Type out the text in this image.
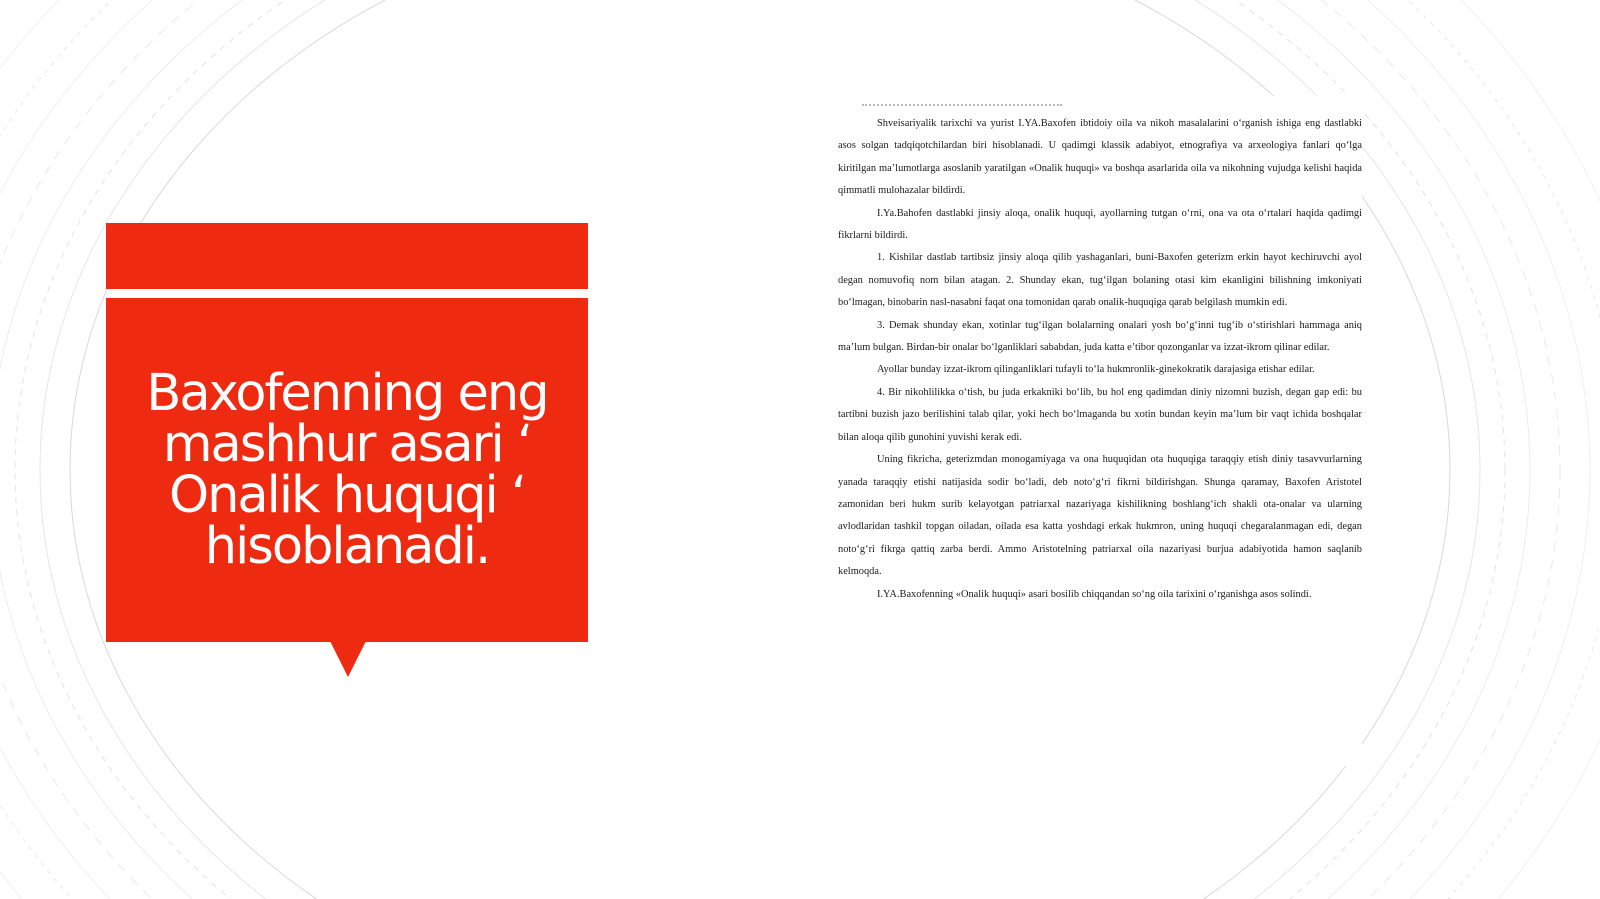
Baxofenning eng mashhur asari ‘ Onalik huquqi ‘ hisoblanadi.

Shveisariyalik tarixchi va yurist I.YA.Baxofen ibtidoiy oila va nikoh masalalarini o‘rganish ishiga eng dastlabki asos solgan tadqiqotchilardan biri hisoblanadi. U qadimgi klassik adabiyot, etnografiya va arxeologiya fanlari qo‘lga kiritilgan ma’lumotlarga asoslanib yaratilgan «Onalik huquqi» va boshqa asarlarida oila va nikohning vujudga kelishi haqida qimmatli mulohazalar bildirdi.

I.Ya.Bahofen dastlabki jinsiy aloqa, onalik huquqi, ayollarning tutgan o‘rni, ona va ota o‘rtalari haqida qadimgi fikrlarni bildirdi.

1. Kishilar dastlab tartibsiz jinsiy aloqa qilib yashaganlari, buni-Baxofen geterizm erkin hayot kechiruvchi ayol degan nomuvofiq nom bilan atagan. 2. Shunday ekan, tug‘ilgan bolaning otasi kim ekanligini bilishning imkoniyati bo‘lmagan, binobarin nasl-nasabni faqat ona tomonidan qarab onalik-huquqiga qarab belgilash mumkin edi.

3. Demak shunday ekan, xotinlar tug‘ilgan bolalarning onalari yosh bo‘g‘inni tug‘ib o‘stirishlari hammaga aniq ma’lum bulgan. Birdan-bir onalar bo‘lganliklari sababdan, juda katta e’tibor qozonganlar va izzat-ikrom qilinar edilar.

Ayollar bunday izzat-ikrom qilinganliklari tufayli to‘la hukmronlik-ginekokratik darajasiga etishar edilar.

4. Bir nikohlilikka o‘tish, bu juda erkakniki bo‘lib, bu hol eng qadimdan diniy nizomni buzish, degan gap edi: bu tartibni buzish jazo berilishini talab qilar, yoki hech bo‘lmaganda bu xotin bundan keyin ma’lum bir vaqt ichida boshqalar bilan aloqa qilib gunohini yuvishi kerak edi.

Uning fikricha, geterizmdan monogamiyaga va ona huquqidan ota huquqiga taraqqiy etish diniy tasavvurlarning yanada taraqqiy etishi natijasida sodir bo‘ladi, deb noto‘g‘ri fikrni bildirishgan. Shunga qaramay, Baxofen Aristotel zamonidan beri hukm surib kelayotgan patriarxal nazariyaga kishilikning boshlang‘ich shakli ota-onalar va ularning avlodlaridan tashkil topgan oiladan, oilada esa katta yoshdagi erkak hukmron, uning huquqi chegaralanmagan edi, degan noto‘g‘ri fikrga qattiq zarba berdi. Ammo Aristotelning patriarxal oila nazariyasi burjua adabiyotida hamon saqlanib kelmoqda.

I.YA.Baxofenning «Onalik huquqi» asari bosilib chiqqandan so‘ng oila tarixini o‘rganishga asos solindi.
